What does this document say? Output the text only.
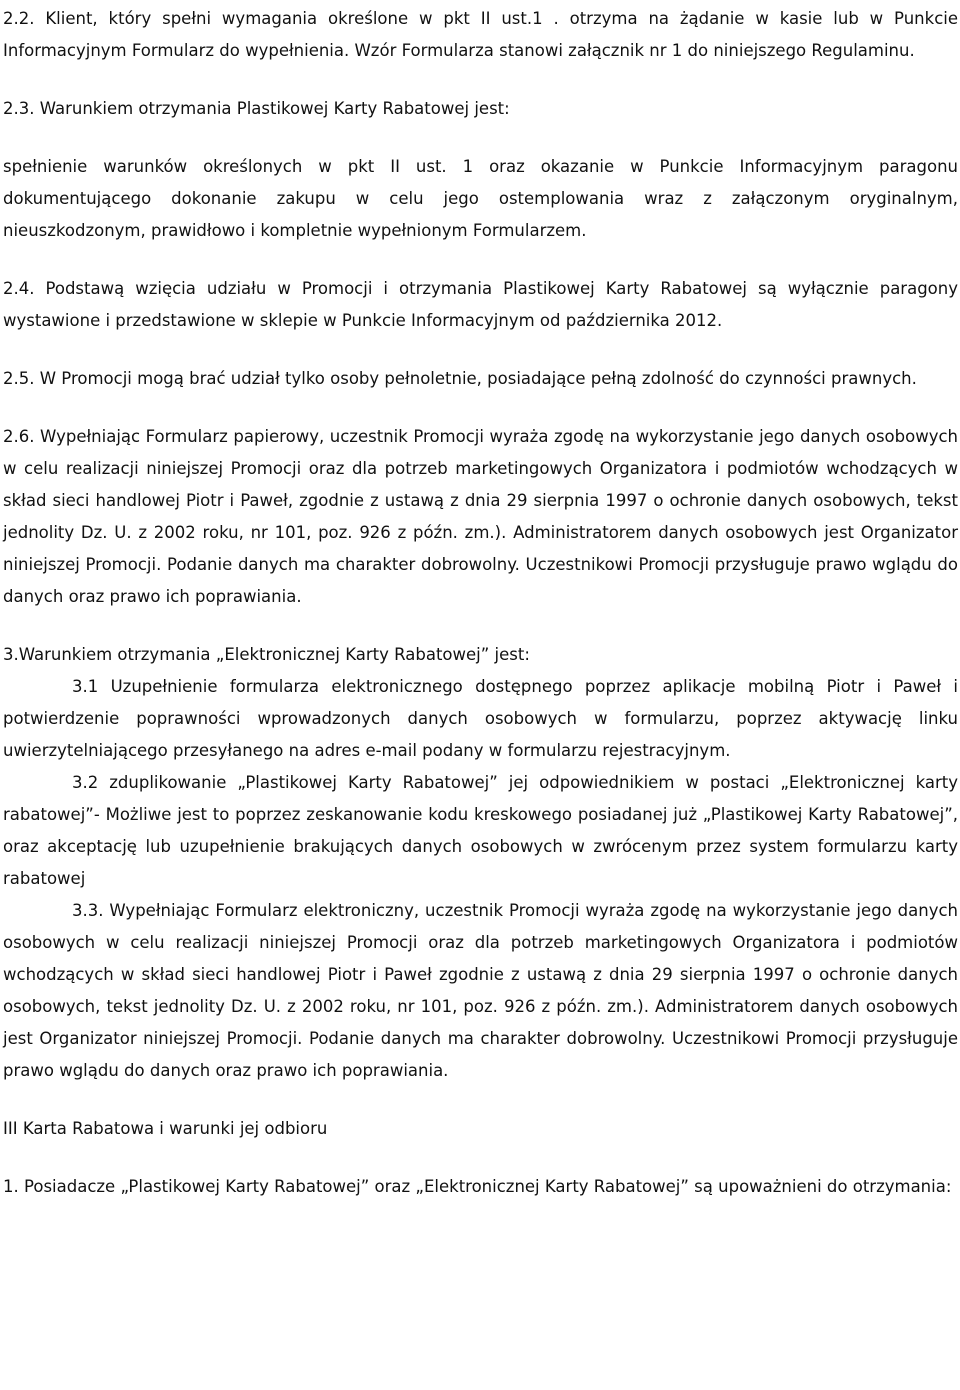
2.2. Klient, który spełni wymagania określone w pkt II ust.1 . otrzyma na żądanie w kasie lub w Punkcie Informacyjnym Formularz do wypełnienia. Wzór Formularza stanowi załącznik nr 1 do niniejszego Regulaminu.

2.3. Warunkiem otrzymania Plastikowej Karty Rabatowej jest:

spełnienie warunków określonych w pkt II ust. 1 oraz okazanie w Punkcie Informacyjnym paragonu dokumentującego dokonanie zakupu w celu jego ostemplowania wraz z załączonym oryginalnym, nieuszkodzonym, prawidłowo i kompletnie wypełnionym Formularzem.

2.4. Podstawą wzięcia udziału w Promocji i otrzymania Plastikowej Karty Rabatowej są wyłącznie paragony wystawione i przedstawione w sklepie w Punkcie Informacyjnym od października 2012.

2.5. W Promocji mogą brać udział tylko osoby pełnoletnie, posiadające pełną zdolność do czynności prawnych.

2.6. Wypełniając Formularz papierowy, uczestnik Promocji wyraża zgodę na wykorzystanie jego danych osobowych w celu realizacji niniejszej Promocji oraz dla potrzeb marketingowych Organizatora i podmiotów wchodzących w skład sieci handlowej Piotr i Paweł, zgodnie z ustawą z dnia 29 sierpnia 1997 o ochronie danych osobowych, tekst jednolity Dz. U. z 2002 roku, nr 101, poz. 926 z późn. zm.). Administratorem danych osobowych jest Organizator niniejszej Promocji. Podanie danych ma charakter dobrowolny. Uczestnikowi Promocji przysługuje prawo wglądu do danych oraz prawo ich poprawiania.

3.Warunkiem otrzymania „Elektronicznej Karty Rabatowej” jest:

3.1 Uzupełnienie formularza elektronicznego dostępnego poprzez aplikacje mobilną Piotr i Paweł i potwierdzenie poprawności wprowadzonych danych osobowych w formularzu, poprzez aktywację linku uwierzytelniającego przesyłanego na adres e-mail podany w formularzu rejestracyjnym.

3.2 zduplikowanie „Plastikowej Karty Rabatowej” jej odpowiednikiem w postaci „Elektronicznej karty rabatowej”- Możliwe jest to poprzez zeskanowanie kodu kreskowego posiadanej już „Plastikowej Karty Rabatowej”, oraz akceptację lub uzupełnienie brakujących danych osobowych w zwrócenym przez system formularzu karty rabatowej

3.3. Wypełniając Formularz elektroniczny, uczestnik Promocji wyraża zgodę na wykorzystanie jego danych osobowych w celu realizacji niniejszej Promocji oraz dla potrzeb marketingowych Organizatora i podmiotów wchodzących w skład sieci handlowej Piotr i Paweł zgodnie z ustawą z dnia 29 sierpnia 1997 o ochronie danych osobowych, tekst jednolity Dz. U. z 2002 roku, nr 101, poz. 926 z późn. zm.). Administratorem danych osobowych jest Organizator niniejszej Promocji. Podanie danych ma charakter dobrowolny. Uczestnikowi Promocji przysługuje prawo wglądu do danych oraz prawo ich poprawiania.

III Karta Rabatowa i warunki jej odbioru

1. Posiadacze „Plastikowej Karty Rabatowej” oraz „Elektronicznej Karty Rabatowej” są upoważnieni do otrzymania:
